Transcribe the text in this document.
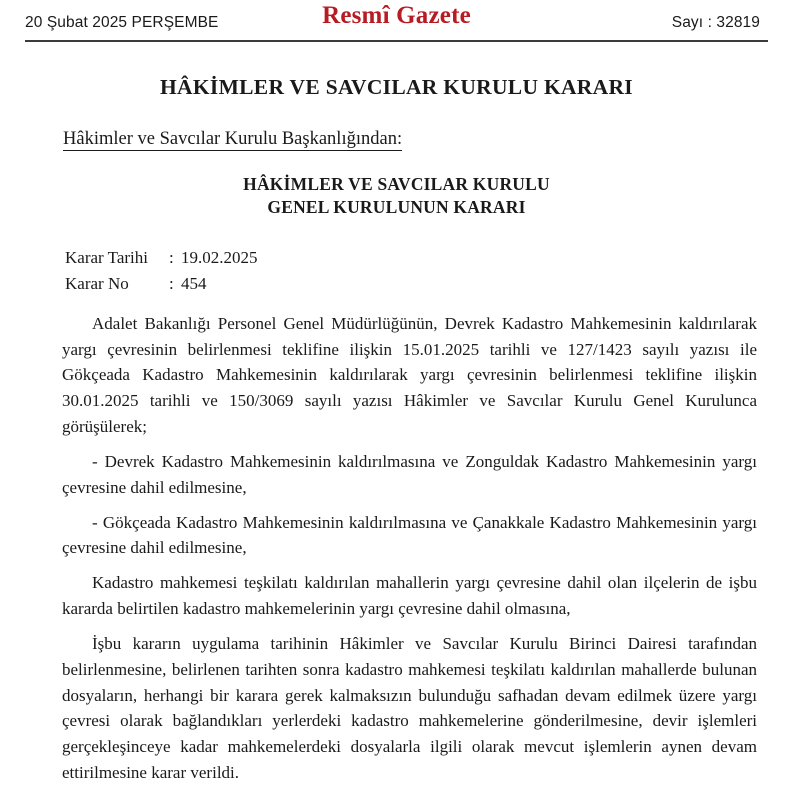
20 Şubat 2025 PERŞEMBE	Resmî Gazete	Sayı : 32819
HÂKİMLER VE SAVCILAR KURULU KARARI
Hâkimler ve Savcılar Kurulu Başkanlığından:
HÂKİMLER VE SAVCILAR KURULU
GENEL KURULUNUN KARARI
Karar Tarihi	: 19.02.2025
Karar No	: 454

Adalet Bakanlığı Personel Genel Müdürlüğünün, Devrek Kadastro Mahkemesinin kaldırılarak yargı çevresinin belirlenmesi teklifine ilişkin 15.01.2025 tarihli ve 127/1423 sayılı yazısı ile Gökçeada Kadastro Mahkemesinin kaldırılarak yargı çevresinin belirlenmesi teklifine ilişkin 30.01.2025 tarihli ve 150/3069 sayılı yazısı Hâkimler ve Savcılar Kurulu Genel Kurulunca görüşülerek;

- Devrek Kadastro Mahkemesinin kaldırılmasına ve Zonguldak Kadastro Mahkemesinin yargı çevresine dahil edilmesine,

- Gökçeada Kadastro Mahkemesinin kaldırılmasına ve Çanakkale Kadastro Mahkemesinin yargı çevresine dahil edilmesine,

Kadastro mahkemesi teşkilatı kaldırılan mahallerin yargı çevresine dahil olan ilçelerin de işbu kararda belirtilen kadastro mahkemelerinin yargı çevresine dahil olmasına,

İşbu kararın uygulama tarihinin Hâkimler ve Savcılar Kurulu Birinci Dairesi tarafından belirlenmesine, belirlenen tarihten sonra kadastro mahkemesi teşkilatı kaldırılan mahallerde bulunan dosyaların, herhangi bir karara gerek kalmaksızın bulunduğu safhadan devam edilmek üzere yargı çevresi olarak bağlandıkları yerlerdeki kadastro mahkemelerine gönderilmesine, devir işlemleri gerçekleşinceye kadar mahkemelerdeki dosyalarla ilgili olarak mevcut işlemlerin aynen devam ettirilmesine karar verildi.
